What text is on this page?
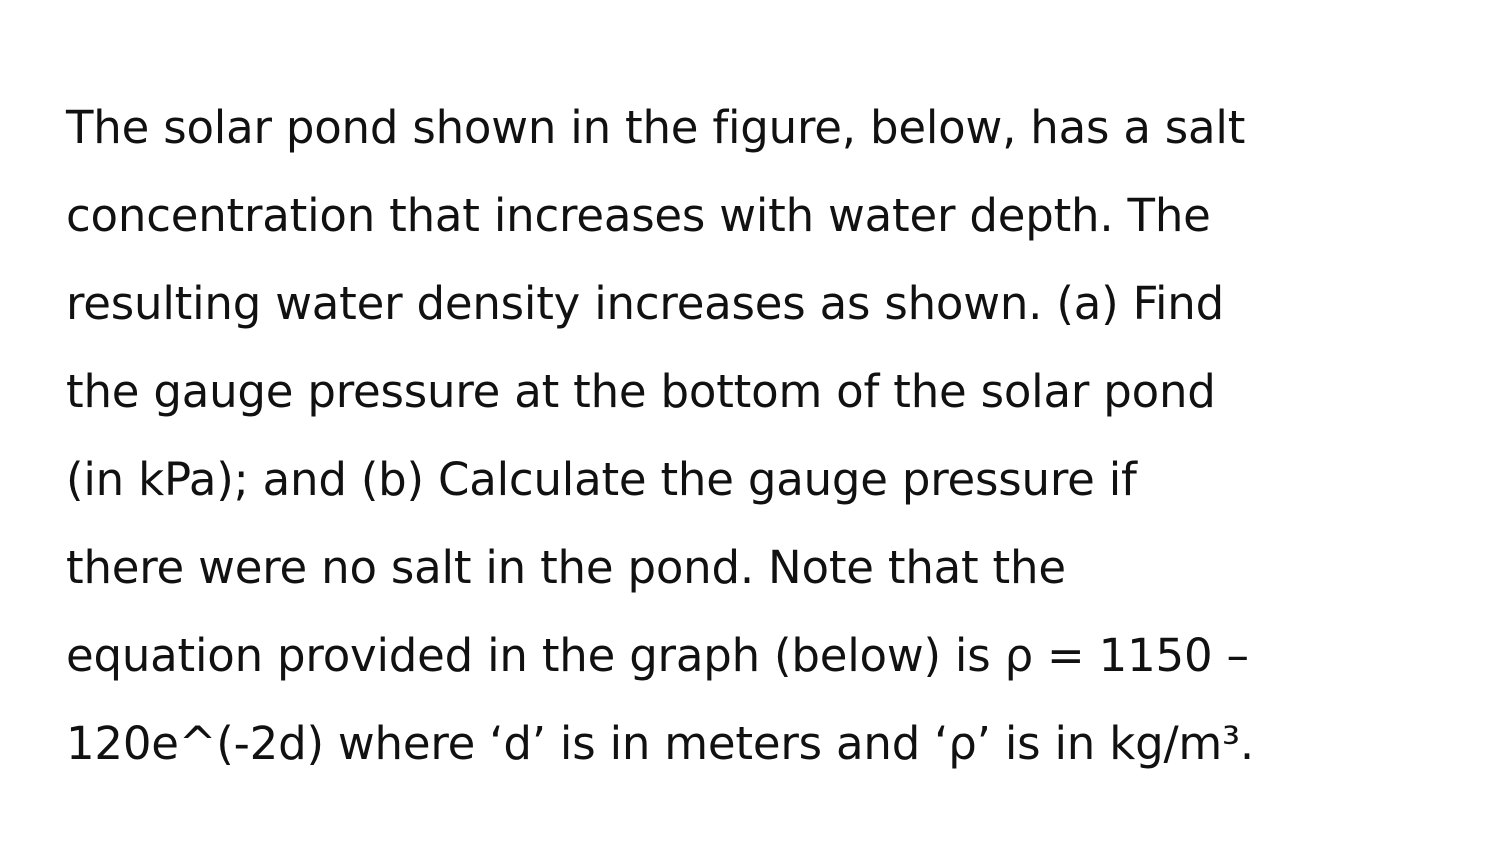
The solar pond shown in the figure, below, has a salt
concentration that increases with water depth. The
resulting water density increases as shown. (a) Find
the gauge pressure at the bottom of the solar pond
(in kPa); and (b) Calculate the gauge pressure if
there were no salt in the pond. Note that the
equation provided in the graph (below) is ρ = 1150 –
120e^(-2d) where ‘d’ is in meters and ‘ρ’ is in kg/m³.
